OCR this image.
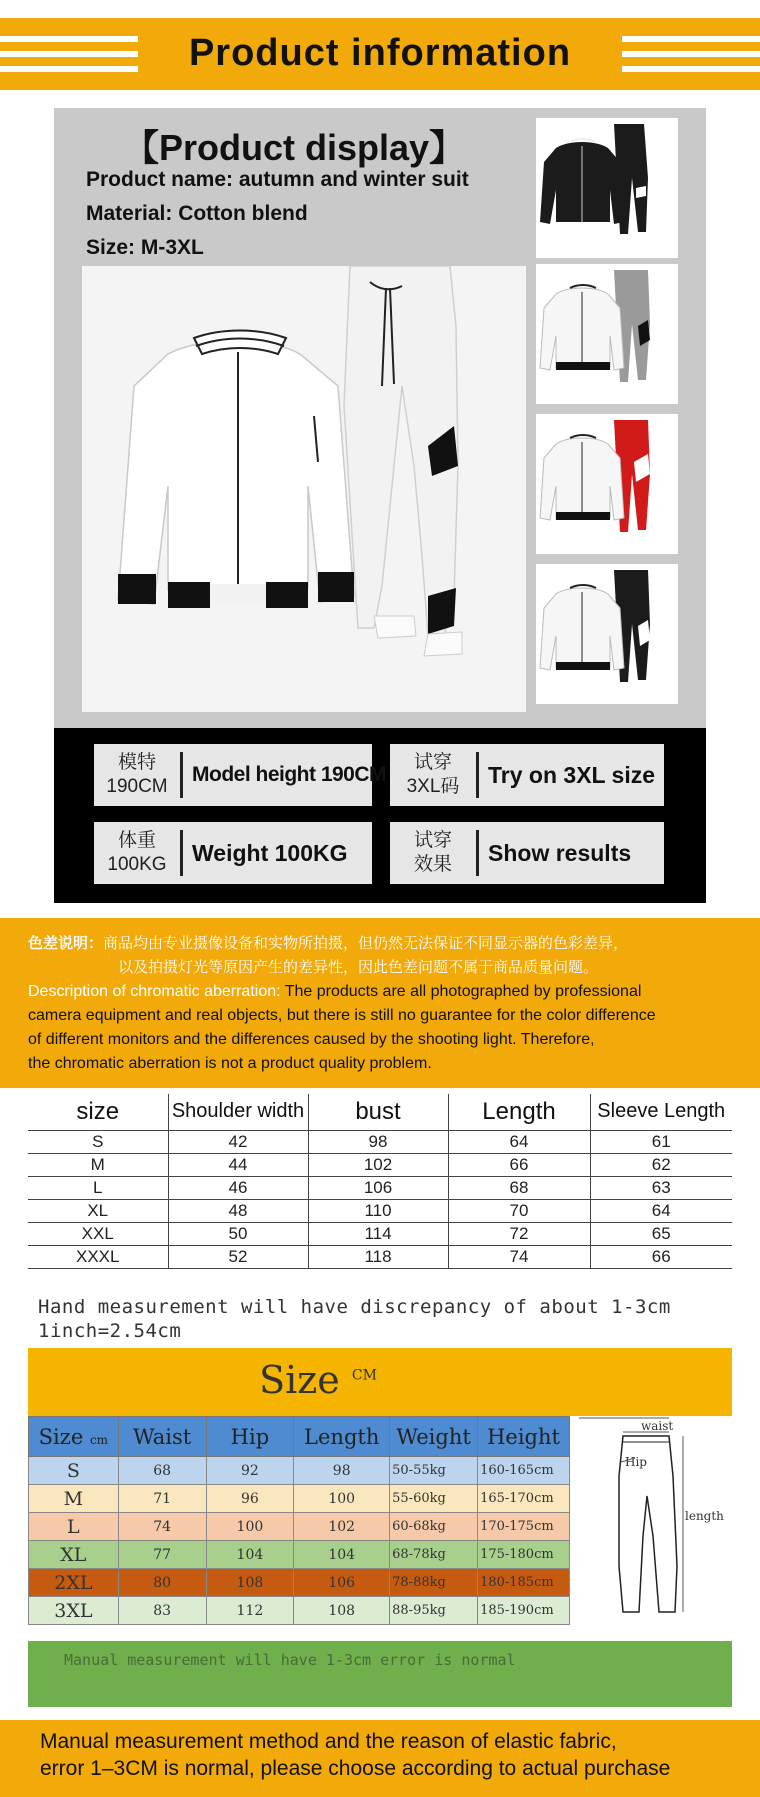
Product information
【Product display】
Product name: autumn and winter suit
Material: Cotton blend
Size: M-3XL
模特
190CM
Model height 190CM
试穿
3XL码	Try on 3XL size
体重
100KG	Weight 100KG	试穿
效果	Show results

色差说明：商品均由专业摄像设备和实物所拍摄，但仍然无法保证不同显示器的色彩差异，

以及拍摄灯光等原因产生的差异性，因此色差问题不属于商品质量问题。

Description of chromatic aberration: The products are all photographed by professional

camera equipment and real objects, but there is still no guarantee for the color difference

of different monitors and the differences caused by the shooting light. Therefore,

the chromatic aberration is not a product quality problem.

size	Shoulder width	bust	Length	Sleeve Length
S	42	98	64	61
M	44	102	66	62
L	46	106	68	63
XL	48	110	70	64
XXL	50	114	72	65
XXXL	52	118	74	66
Hand measurement will have discrepancy of about 1-3cm
1inch=2.54cm
Size $^{CM}$
Size cm	Waist	Hip	Length	Weight	Height
S	68	92	98	50-55kg	160-165cm
M	71	96	100	55-60kg	165-170cm
L	74	100	102	60-68kg	170-175cm
XL	77	104	104	68-78kg	175-180cm
2XL	80	108	106	78-88kg	180-185cm
3XL	83	112	108	88-95kg	185-190cm
waist
Hip
length
Manual measurement will have 1-3cm error is normal
Manual measurement method and the reason of elastic fabric,
error 1–3CM is normal, please choose according to actual purchase
